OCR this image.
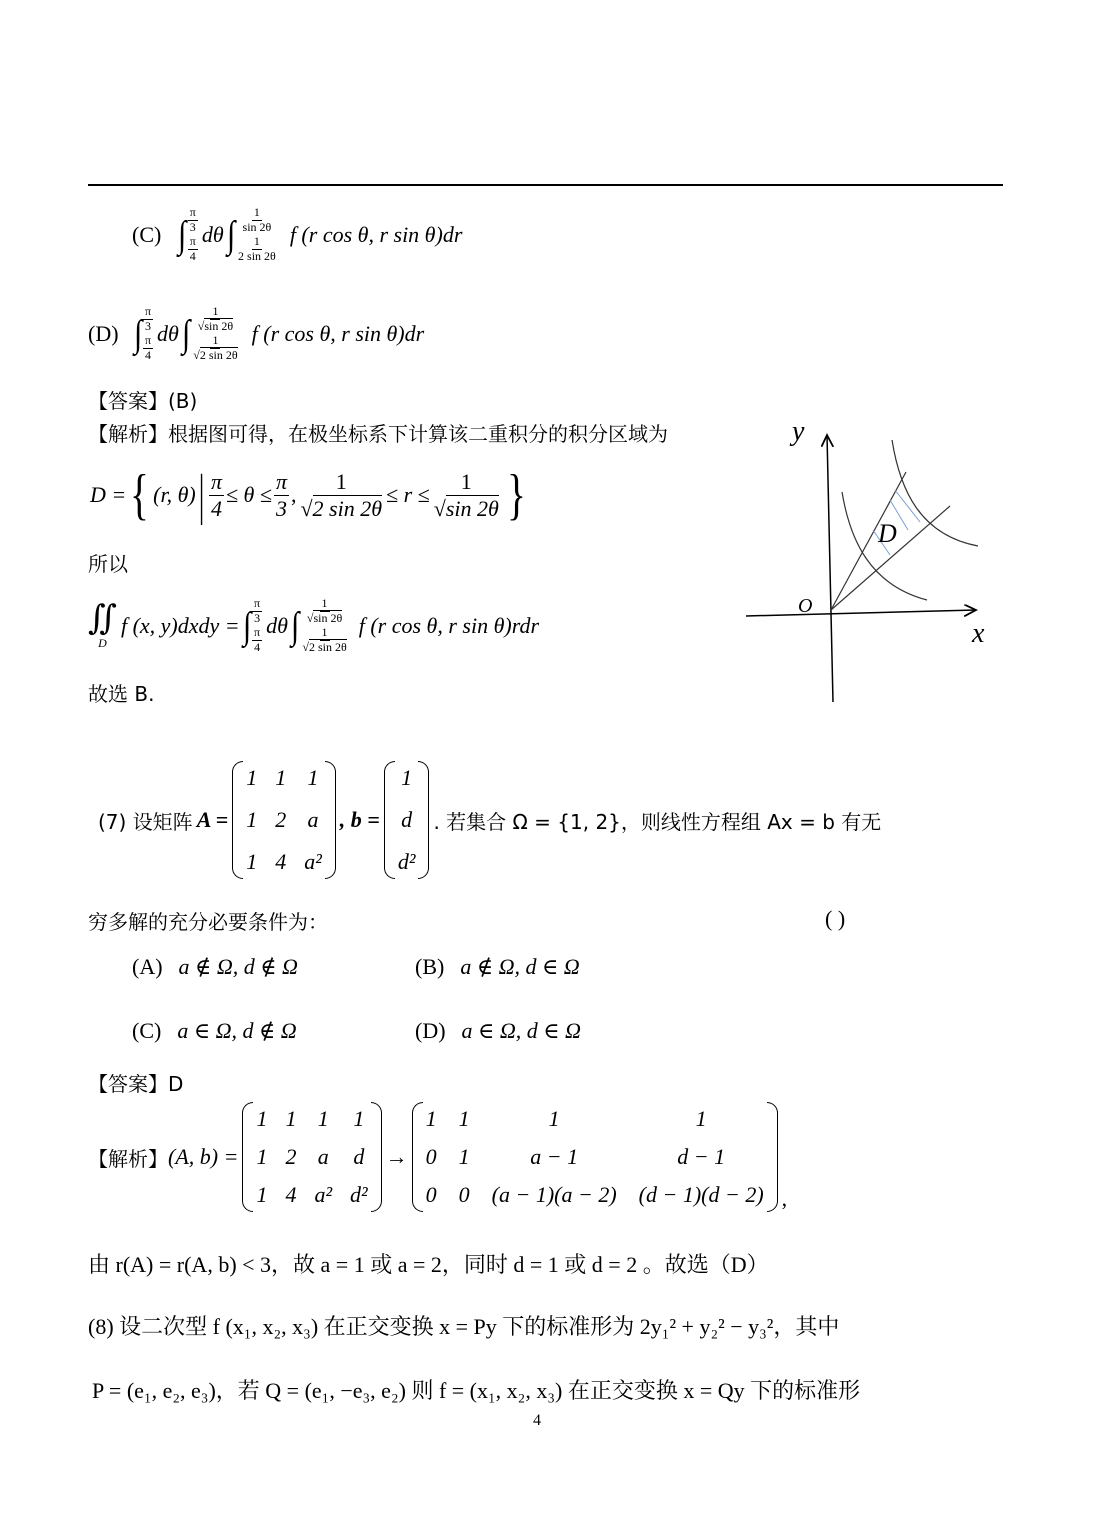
(C) ∫ $\frac{\pi}{3}$
$\frac{\pi}{4}$
dθ ∫ $\frac{1}{\sin 2\theta}$
$\frac{1}{2 \sin 2\theta}$
f (r cos θ, r sin θ)dr
(D) ∫ $\frac{\pi}{3}$
$\frac{\pi}{4}$
dθ ∫ $\frac{1}{√\sin 2\theta}$
$\frac{1}{√2 \sin 2\theta}$
f (r cos θ, r sin θ)dr
【答案】(B)
【解析】根据图可得，在极坐标系下计算该二重积分的积分区域为
D = { (r, θ) | $\frac{\pi}{4} \le \theta \le \frac{\pi}{3}$ , $\frac{1}{√2 \sin 2\theta} \le r \le \frac{1}{√\sin 2\theta}$ }
所以
∬
D
f (x, y)dxdy = ∫ $\frac{\pi}{3}$
$\frac{\pi}{4}$
dθ ∫ $\frac{1}{√\sin 2\theta}$
$\frac{1}{√2 \sin 2\theta}$
f (r cos θ, r sin θ)rdr
故选 B.
y
x
O
D
(7) 设矩阵 A =
1 1 1
1 2 a
1 4 a²
, b =
1
d
d²
. 若集合 Ω = {1, 2}，则线性方程组 Ax = b 有无
穷多解的充分必要条件为：	( )
(A) a ∉ Ω, d ∉ Ω	(B) a ∉ Ω, d ∈ Ω
(C) a ∈ Ω, d ∉ Ω	(D) a ∈ Ω, d ∈ Ω
【答案】D
【解析】 (A, b) =
1 1 1 1
1 2 a d
1 4 a² d²
→
1 1	1	1
0 1	a − 1	d − 1
0 0 (a − 1)(a − 2) (d − 1)(d − 2) ,
由 r(A) = r(A, b) < 3，故 a = 1 或 a = 2，同时 d = 1 或 d = 2 。故选（D）
(8) 设二次型 f (x₁, x₂, x₃) 在正交变换 x = Py 下的标准形为 2y₁² + y₂² − y₃²，其中
P = (e₁, e₂, e₃)，若 Q = (e₁, −e₃, e₂) 则 f = (x₁, x₂, x₃) 在正交变换 x = Qy 下的标准形
4
